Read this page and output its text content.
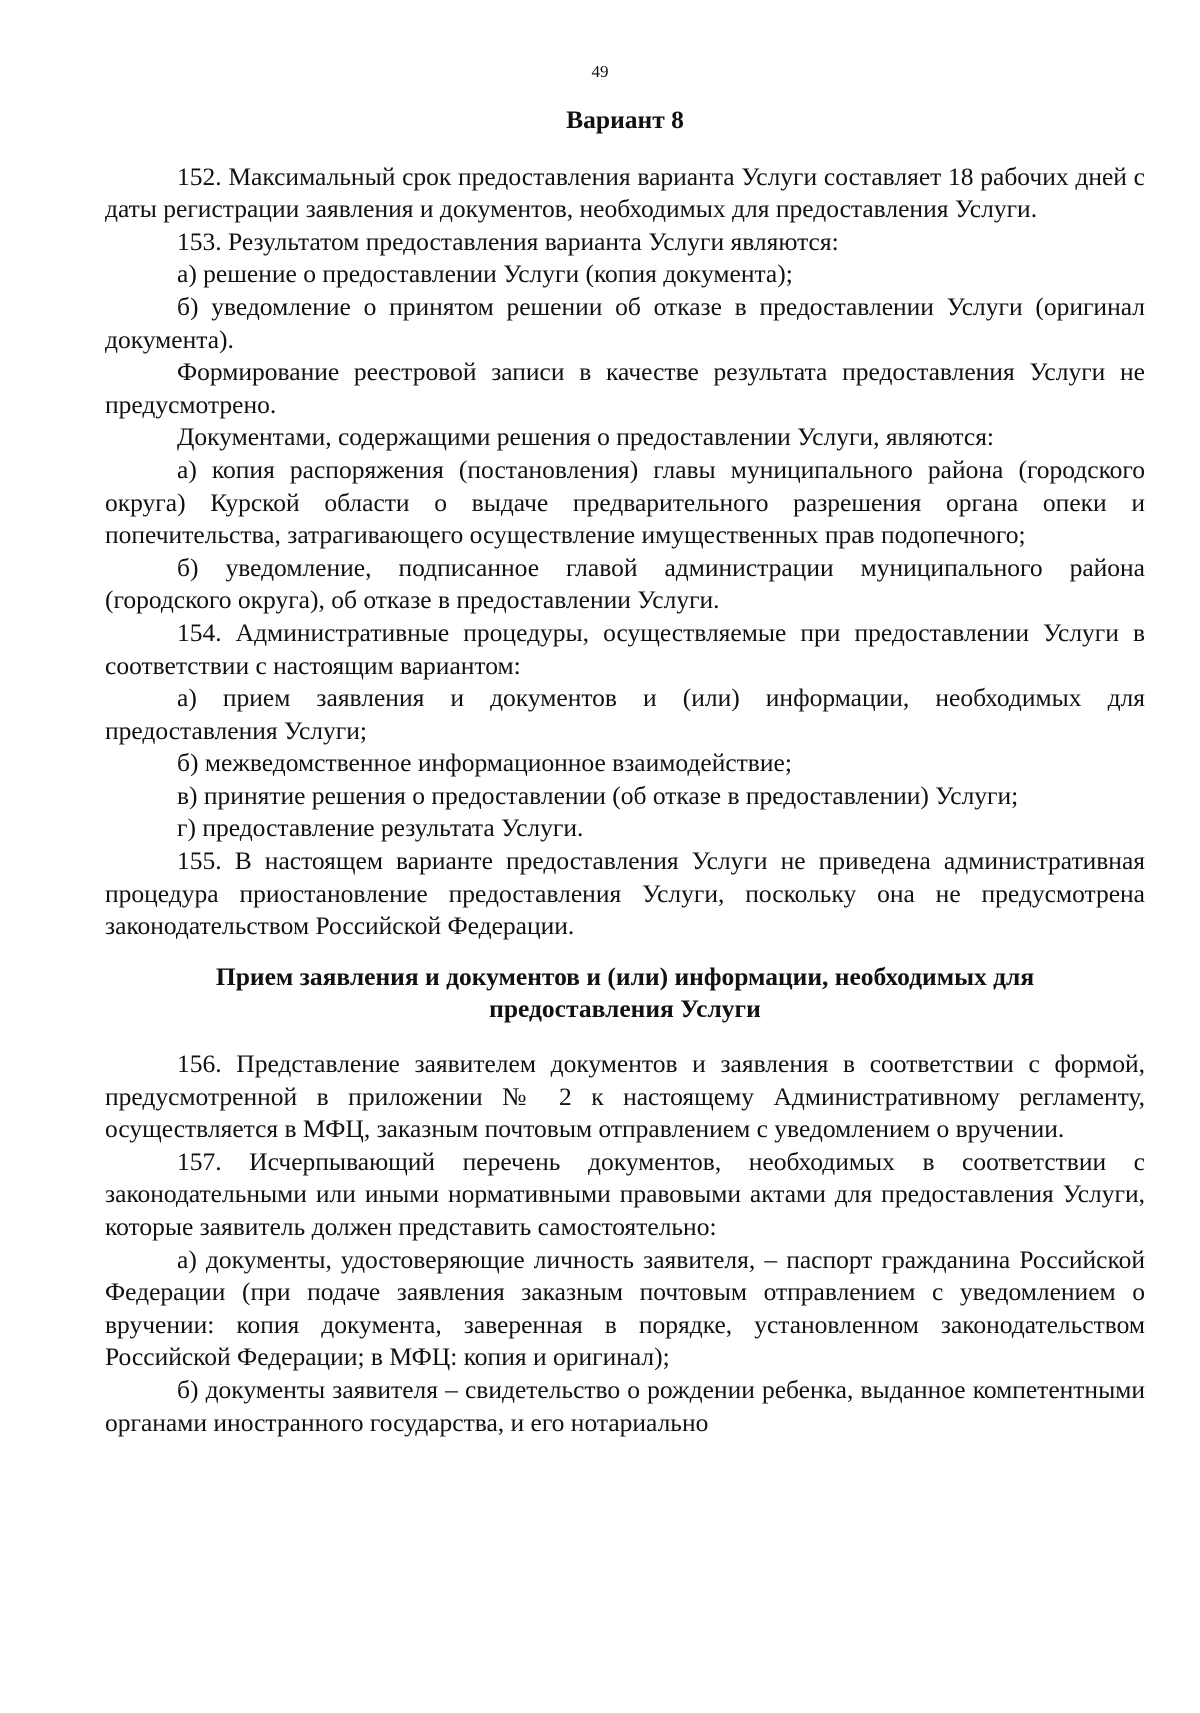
49
Вариант 8

152. Максимальный срок предоставления варианта Услуги составляет 18 рабочих дней с даты регистрации заявления и документов, необходимых для предоставления Услуги.

153. Результатом предоставления варианта Услуги являются:

а) решение о предоставлении Услуги (копия документа);

б) уведомление о принятом решении об отказе в предоставлении Услуги (оригинал документа).

Формирование реестровой записи в качестве результата предоставления Услуги не предусмотрено.

Документами, содержащими решения о предоставлении Услуги, являются:

а) копия распоряжения (постановления) главы муниципального района (городского округа) Курской области о выдаче предварительного разрешения органа опеки и попечительства, затрагивающего осуществление имущественных прав подопечного;

б) уведомление, подписанное главой администрации муниципального района (городского округа), об отказе в предоставлении Услуги.

154. Административные процедуры, осуществляемые при предоставлении Услуги в соответствии с настоящим вариантом:

а) прием заявления и документов и (или) информации, необходимых для предоставления Услуги;

б) межведомственное информационное взаимодействие;

в) принятие решения о предоставлении (об отказе в предоставлении) Услуги;

г) предоставление результата Услуги.

155. В настоящем варианте предоставления Услуги не приведена административная процедура приостановление предоставления Услуги, поскольку она не предусмотрена законодательством Российской Федерации.

Прием заявления и документов и (или) информации, необходимых для
предоставления Услуги

156. Представление заявителем документов и заявления в соответствии с формой, предусмотренной в приложении № 2 к настоящему Административному регламенту, осуществляется в МФЦ, заказным почтовым отправлением с уведомлением о вручении.

157. Исчерпывающий перечень документов, необходимых в соответствии с законодательными или иными нормативными правовыми актами для предоставления Услуги, которые заявитель должен представить самостоятельно:

а) документы, удостоверяющие личность заявителя, – паспорт гражданина Российской Федерации (при подаче заявления заказным почтовым отправлением с уведомлением о вручении: копия документа, заверенная в порядке, установленном законодательством Российской Федерации; в МФЦ: копия и оригинал);

б) документы заявителя – свидетельство о рождении ребенка, выданное компетентными органами иностранного государства, и его нотариально
